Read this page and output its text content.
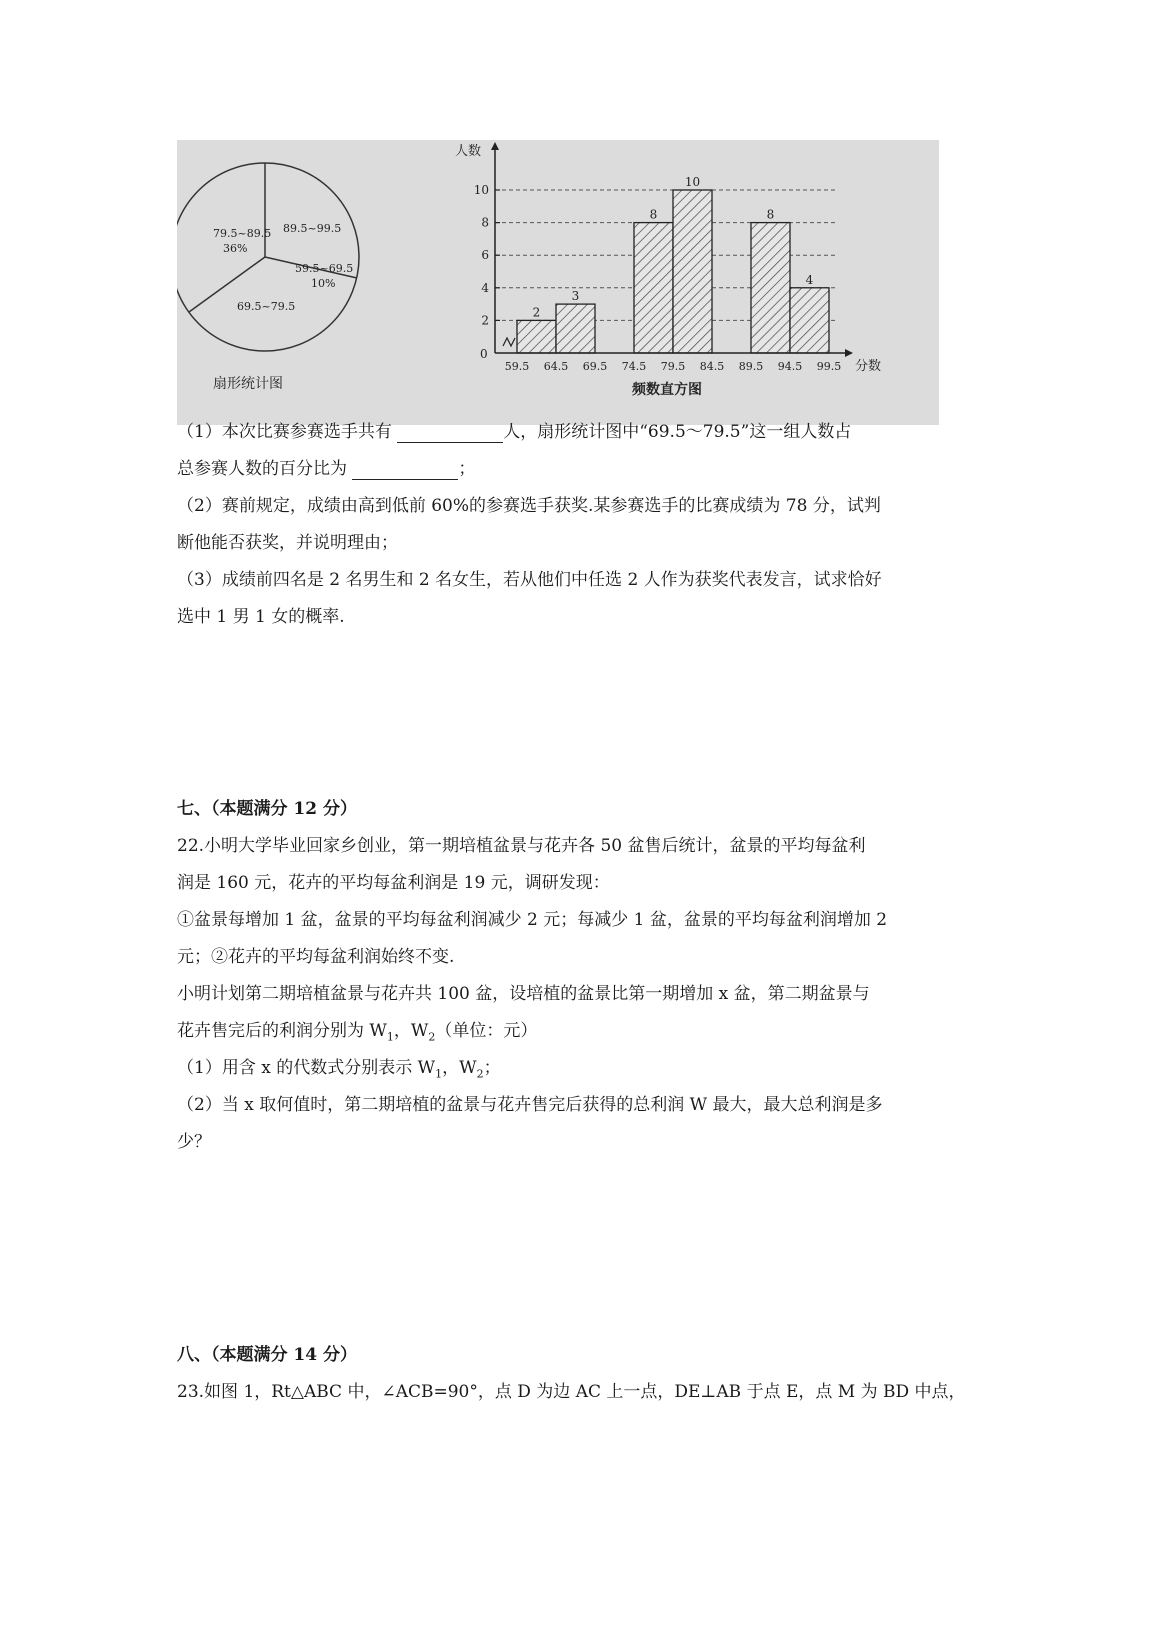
79.5~89.5
36%
89.5~99.5
59.5~69.5
10%
69.5~79.5
扇形统计图
2
3
8
10
8
4
2
4
6
8
10
59.5 64.5 69.5 74.5 79.5 84.5 89.5 94.5 99.5
人数
分数
0
频数直方图
（1）本次比赛参赛选手共有	人，扇形统计图中“69.5～79.5”这一组人数占
总参赛人数的百分比为	；
（2）赛前规定，成绩由高到低前 60%的参赛选手获奖.某参赛选手的比赛成绩为 78 分，试判
断他能否获奖，并说明理由；
（3）成绩前四名是 2 名男生和 2 名女生，若从他们中任选 2 人作为获奖代表发言，试求恰好
选中 1 男 1 女的概率.
七、（本题满分 12 分）
22.小明大学毕业回家乡创业，第一期培植盆景与花卉各 50 盆售后统计，盆景的平均每盆利
润是 160 元，花卉的平均每盆利润是 19 元，调研发现：
①盆景每增加 1 盆，盆景的平均每盆利润减少 2 元；每减少 1 盆，盆景的平均每盆利润增加 2
元；②花卉的平均每盆利润始终不变.
小明计划第二期培植盆景与花卉共 100 盆，设培植的盆景比第一期增加 x 盆，第二期盆景与
花卉售完后的利润分别为 $W_1$，$W_2$（单位：元）
（1）用含 x 的代数式分别表示 $W_1$，$W_2$；
（2）当 x 取何值时，第二期培植的盆景与花卉售完后获得的总利润 W 最大，最大总利润是多
少？
八、（本题满分 14 分）
23.如图 1，Rt△ABC 中，∠ACB=90°，点 D 为边 AC 上一点，DE⊥AB 于点 E，点 M 为 BD 中点，
